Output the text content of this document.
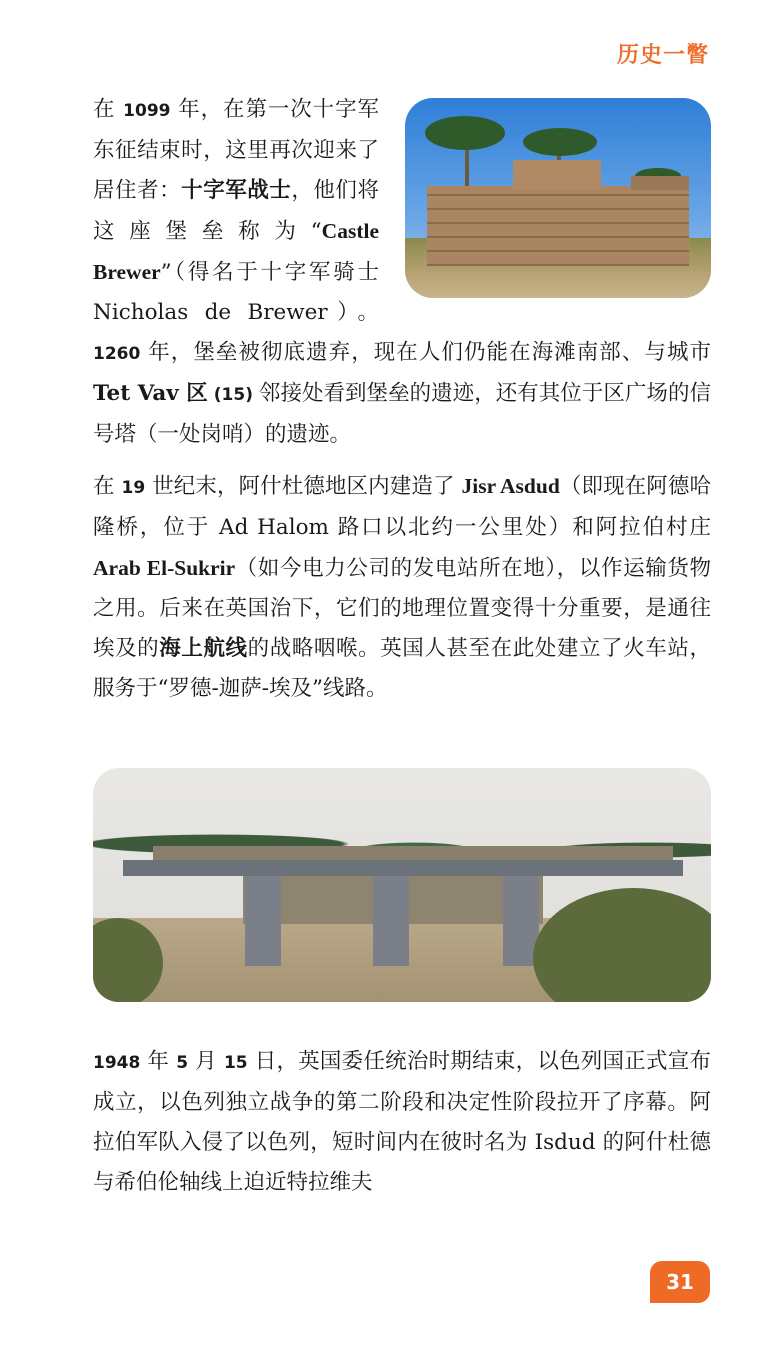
历史一瞥
在 1099 年，在第一次十字军东征结束时，这里再次迎来了居住者：十字军战士，他们将这座堡垒称为“Castle Brewer”（得名于十字军骑士 Nicholas de Brewer）。1260 年，堡垒被彻底遗弃，现在人们仍能在海滩南部、与城市 Tet Vav 区 (15) 邻接处看到堡垒的遗迹，还有其位于区广场的信号塔（一处岗哨）的遗迹。
在 19 世纪末，阿什杜德地区内建造了 Jisr Asdud（即现在阿德哈隆桥，位于 Ad Halom 路口以北约一公里处）和阿拉伯村庄 Arab El-Sukrir（如今电力公司的发电站所在地），以作运输货物之用。后来在英国治下，它们的地理位置变得十分重要，是通往埃及的海上航线的战略咽喉。英国人甚至在此处建立了火车站，服务于“罗德-迦萨-埃及”线路。
1948 年 5 月 15 日，英国委任统治时期结束，以色列国正式宣布成立，以色列独立战争的第二阶段和决定性阶段拉开了序幕。阿拉伯军队入侵了以色列，短时间内在彼时名为 Isdud 的阿什杜德与希伯伦轴线上迫近特拉维夫
31
